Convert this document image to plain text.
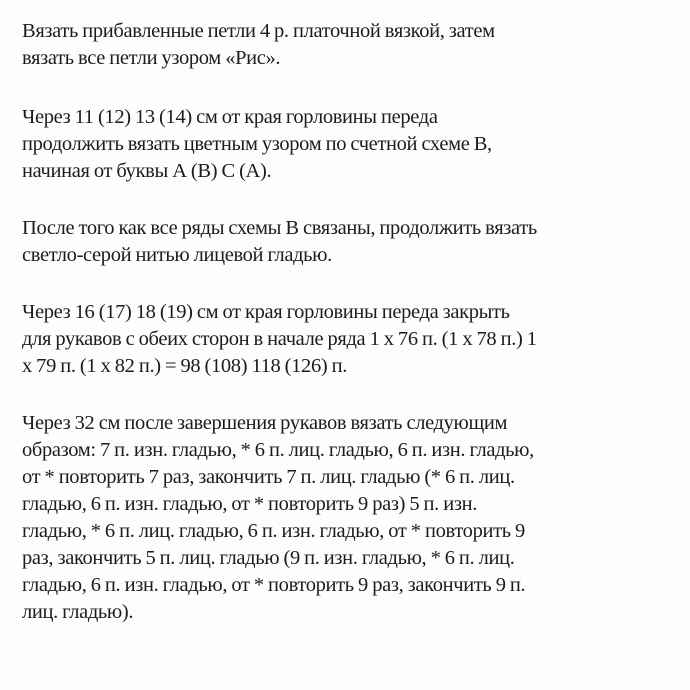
Вязать прибавленные петли 4 р. платочной вязкой, затем
вязать все петли узором «Рис».

Через 11 (12) 13 (14) см от края горловины переда
продолжить вязать цветным узором по счетной схеме В,
начиная от буквы А (В) С (А).

После того как все ряды схемы В связаны, продолжить вязать
светло-серой нитью лицевой гладью.

Через 16 (17) 18 (19) см от края горловины переда закрыть
для рукавов с обеих сторон в начале ряда 1 x 76 п. (1 x 78 п.) 1
x 79 п. (1 x 82 п.) = 98 (108) 118 (126) п.

Через 32 см после завершения рукавов вязать следующим
образом: 7 п. изн. гладью, * 6 п. лиц. гладью, 6 п. изн. гладью,
от * повторить 7 раз, закончить 7 п. лиц. гладью (* 6 п. лиц.
гладью, 6 п. изн. гладью, от * повторить 9 раз) 5 п. изн.
гладью, * 6 п. лиц. гладью, 6 п. изн. гладью, от * повторить 9
раз, закончить 5 п. лиц. гладью (9 п. изн. гладью, * 6 п. лиц.
гладью, 6 п. изн. гладью, от * повторить 9 раз, закончить 9 п.
лиц. гладью).
